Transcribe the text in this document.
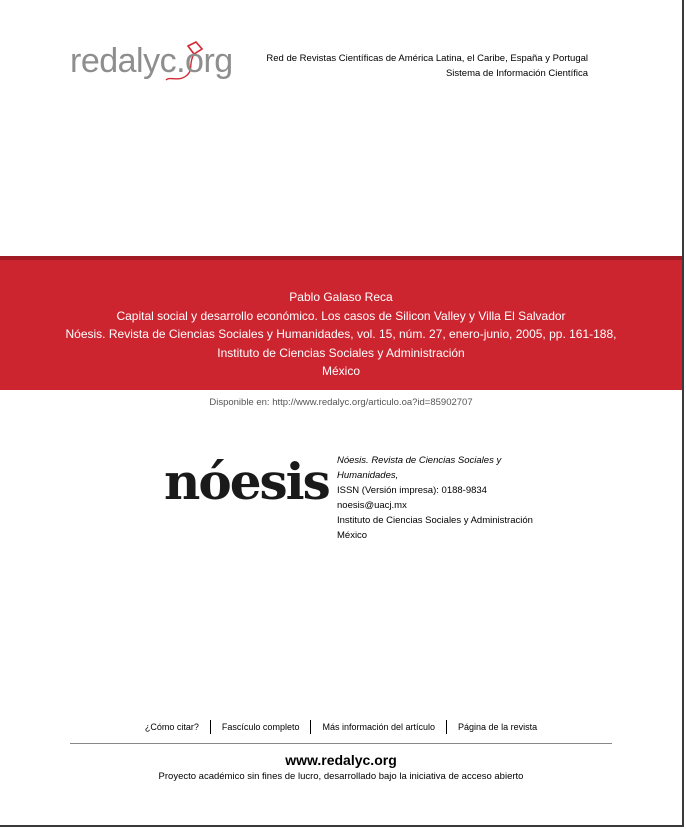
redalyc.org	Red de Revistas Científicas de América Latina, el Caribe, España y Portugal
Sistema de Información Científica
Pablo Galaso Reca
Capital social y desarrollo económico. Los casos de Silicon Valley y Villa El Salvador
Nóesis. Revista de Ciencias Sociales y Humanidades, vol. 15, núm. 27, enero-junio, 2005, pp. 161-188,
Instituto de Ciencias Sociales y Administración
México
Disponible en: http://www.redalyc.org/articulo.oa?id=85902707
nóesis Nóesis. Revista de Ciencias Sociales y
Humanidades,
ISSN (Versión impresa): 0188-9834
noesis@uacj.mx
Instituto de Ciencias Sociales y Administración
México
¿Cómo citar?	Fascículo completo	Más información del artículo	Página de la revista
www.redalyc.org
Proyecto académico sin fines de lucro, desarrollado bajo la iniciativa de acceso abierto
